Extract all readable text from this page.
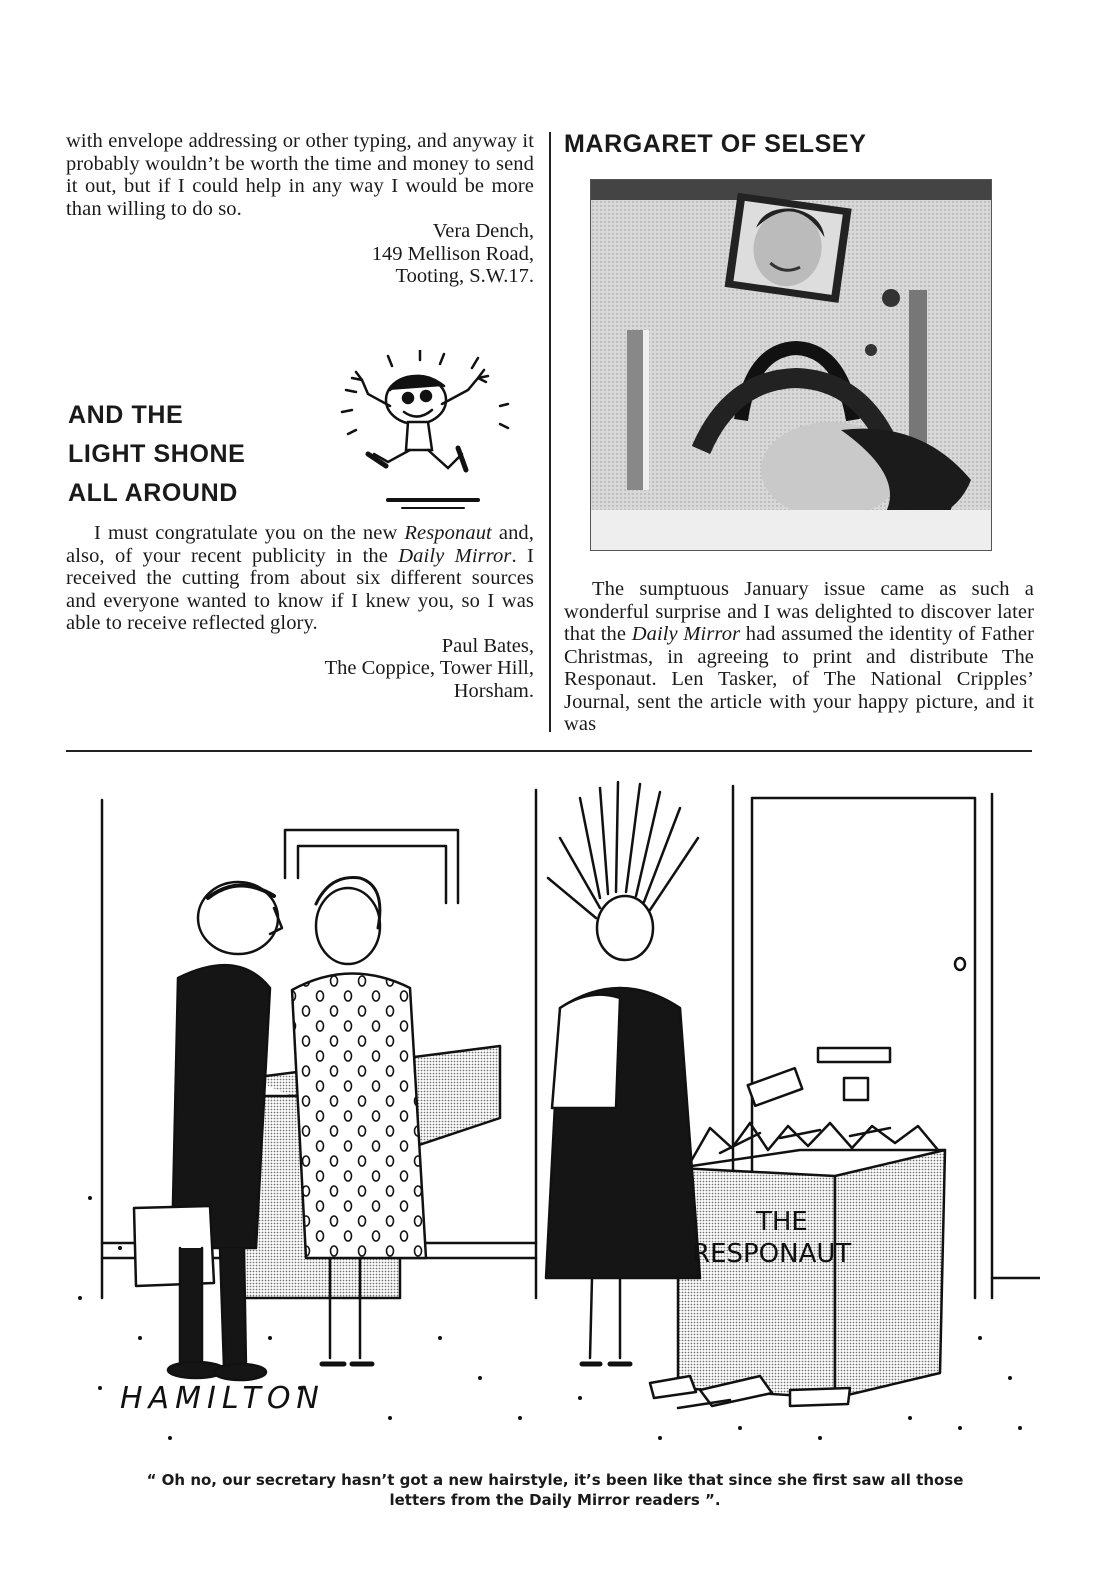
with envelope addressing or other typing, and anyway it probably wouldn’t be worth the time and money to send it out, but if I could help in any way I would be more than willing to do so.

Vera Dench,
149 Mellison Road,
Tooting, S.W.17.
AND THE
LIGHT SHONE
ALL AROUND

I must congratulate you on the new Responaut and, also, of your recent publicity in the Daily Mirror. I received the cutting from about six different sources and everyone wanted to know if I knew you, so I was able to receive reflected glory.

Paul Bates,
The Coppice, Tower Hill,
Horsham.
MARGARET OF SELSEY

The sumptuous January issue came as such a wonderful surprise and I was delighted to discover later that the Daily Mirror had assumed the identity of Father Christmas, in agreeing to print and distribute The Responaut. Len Tasker, of The National Cripples’ Journal, sent the article with your happy picture, and it was

THE
RESPONAUT
HAMILTON
“ Oh no, our secretary hasn’t got a new hairstyle, it’s been like that since she first saw all those
letters from the Daily Mirror readers ”.
